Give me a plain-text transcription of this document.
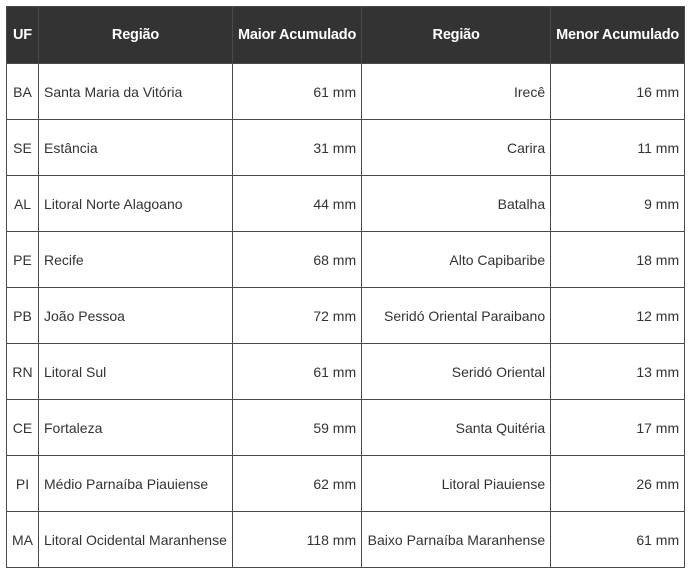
UF	Região	Maior Acumulado	Região	Menor Acumulado
BA	Santa Maria da Vitória	61 mm	Irecê	16 mm
SE	Estância	31 mm	Carira	11 mm
AL	Litoral Norte Alagoano	44 mm	Batalha	9 mm
PE	Recife	68 mm	Alto Capibaribe	18 mm
PB	João Pessoa	72 mm	Seridó Oriental Paraibano	12 mm
RN	Litoral Sul	61 mm	Seridó Oriental	13 mm
CE	Fortaleza	59 mm	Santa Quitéria	17 mm
PI	Médio Parnaíba Piauiense	62 mm	Litoral Piauiense	26 mm
MA	Litoral Ocidental Maranhense	118 mm	Baixo Parnaíba Maranhense	61 mm
